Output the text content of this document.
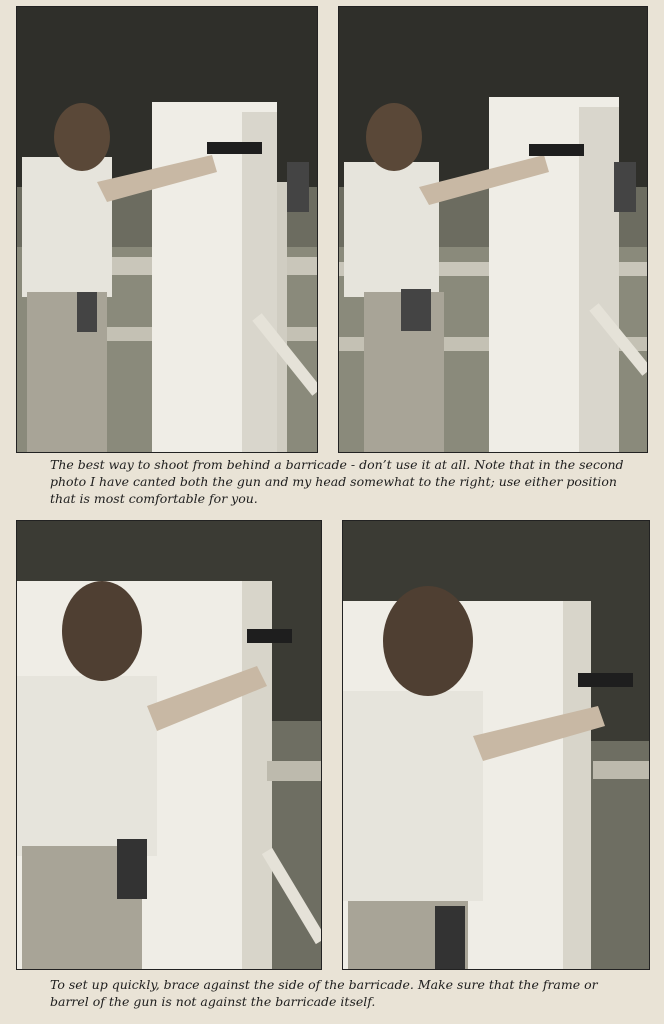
The best way to shoot from behind a barricade - don’t use it at all. Note that in the second photo I have canted both the gun and my head somewhat to the right; use either position that is most comfortable for you.

To set up quickly, brace against the side of the barricade. Make sure that the frame or barrel of the gun is not against the barricade itself.
